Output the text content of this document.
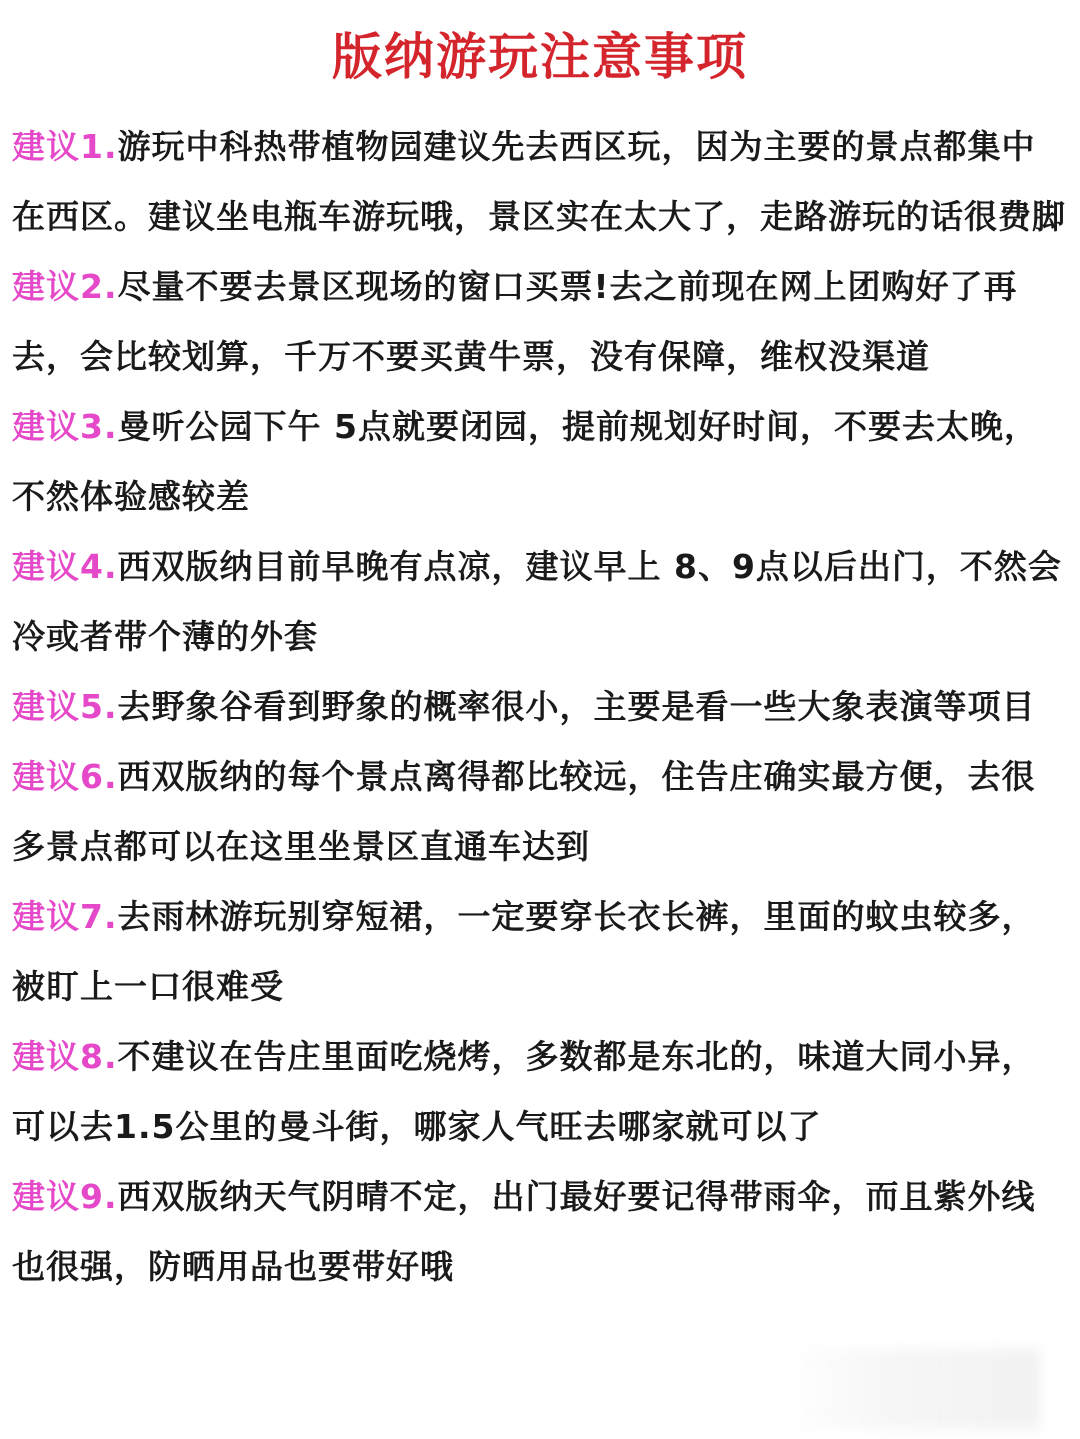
版纳游玩注意事项
建议1.游玩中科热带植物园建议先去西区玩，因为主要的景点都集中在西区。建议坐电瓶车游玩哦，景区实在太大了，走路游玩的话很费脚
建议2.尽量不要去景区现场的窗口买票!去之前现在网上团购好了再去，会比较划算，千万不要买黄牛票，没有保障，维权没渠道
建议3.曼听公园下午 5点就要闭园，提前规划好时间，不要去太晚，不然体验感较差
建议4.西双版纳目前早晚有点凉，建议早上 8、9点以后出门，不然会冷或者带个薄的外套
建议5.去野象谷看到野象的概率很小，主要是看一些大象表演等项目
建议6.西双版纳的每个景点离得都比较远，住告庄确实最方便，去很多景点都可以在这里坐景区直通车达到
建议7.去雨林游玩别穿短裙，一定要穿长衣长裤，里面的蚊虫较多，被盯上一口很难受
建议8.不建议在告庄里面吃烧烤，多数都是东北的，味道大同小异，可以去1.5公里的曼斗街，哪家人气旺去哪家就可以了
建议9.西双版纳天气阴晴不定，出门最好要记得带雨伞，而且紫外线也很强，防晒用品也要带好哦
